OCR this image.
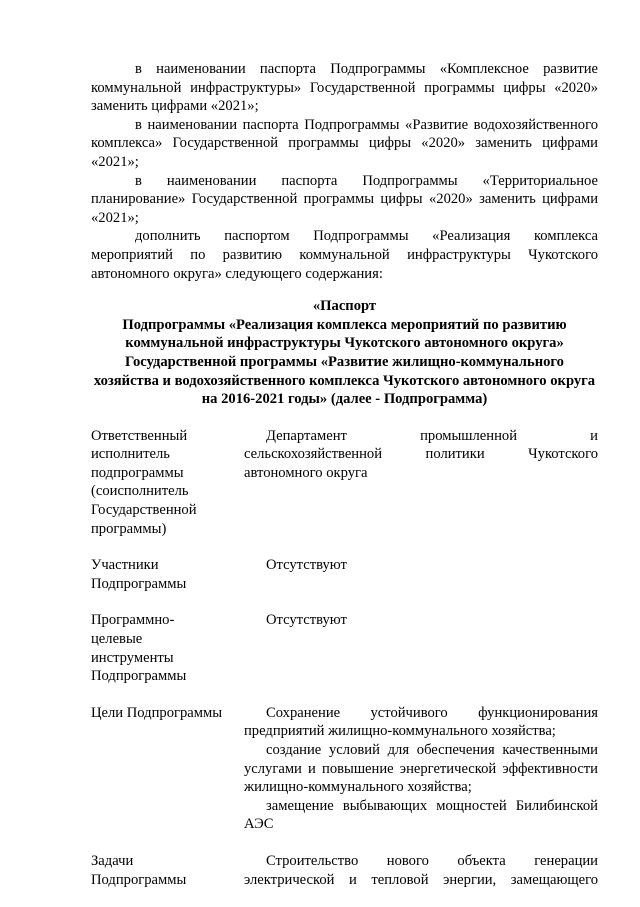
в наименовании паспорта Подпрограммы «Комплексное развитие коммунальной инфраструктуры» Государственной программы цифры «2020» заменить цифрами «2021»;

в наименовании паспорта Подпрограммы «Развитие водохозяйственного комплекса» Государственной программы цифры «2020» заменить цифрами «2021»;

в наименовании паспорта Подпрограммы «Территориальное планирование» Государственной программы цифры «2020» заменить цифрами «2021»;

дополнить паспортом Подпрограммы «Реализация комплекса мероприятий по развитию коммунальной инфраструктуры Чукотского автономного округа» следующего содержания:

«Паспорт
Подпрограммы «Реализация комплекса мероприятий по развитию коммунальной инфраструктуры Чукотского автономного округа» Государственной программы «Развитие жилищно-коммунального хозяйства и водохозяйственного комплекса Чукотского автономного округа на 2016-2021 годы» (далее - Подпрограмма)
Ответственный
исполнитель
подпрограммы
(соисполнитель
Государственной
программы)

Департамент промышленной и сельскохозяйственной политики Чукотского автономного округа

Участники
Подпрограммы

Отсутствуют

Программно-
целевые
инструменты
Подпрограммы

Отсутствуют

Цели Подпрограммы	Сохранение устойчивого функционирования предприятий жилищно-коммунального хозяйства;

создание условий для обеспечения качественными услугами и повышение энергетической эффективности жилищно-коммунального хозяйства;

замещение выбывающих мощностей Билибинской АЭС

Задачи
Подпрограммы

Строительство нового объекта генерации электрической и тепловой энергии, замещающего
